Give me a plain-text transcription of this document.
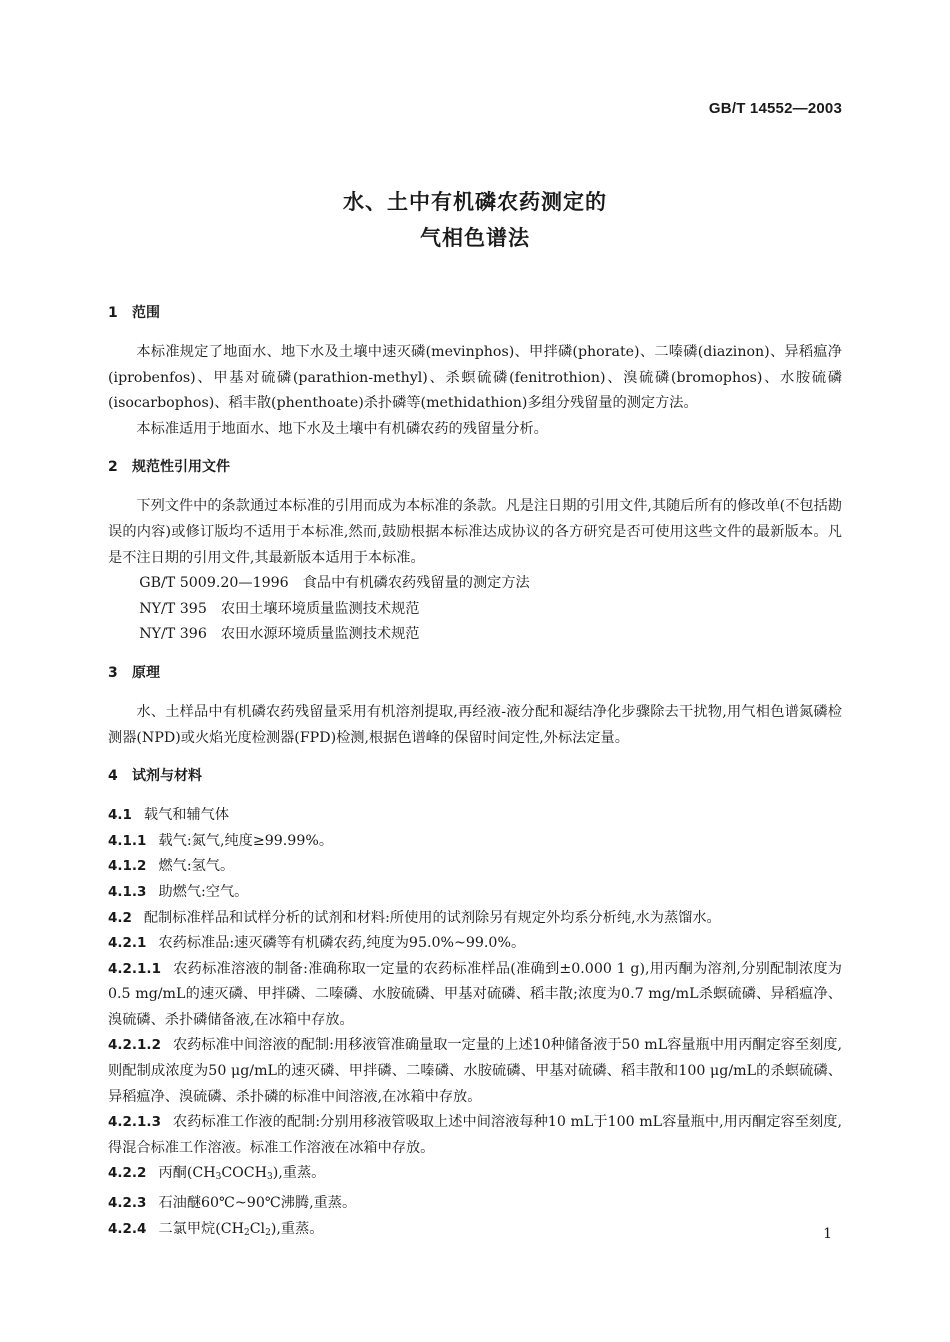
GB/T 14552—2003
水、土中有机磷农药测定的
气相色谱法
1 范围

本标准规定了地面水、地下水及土壤中速灭磷(mevinphos)、甲拌磷(phorate)、二嗪磷(diazinon)、异稻瘟净(iprobenfos)、甲基对硫磷(parathion-methyl)、杀螟硫磷(fenitrothion)、溴硫磷(bromophos)、水胺硫磷(isocarbophos)、稻丰散(phenthoate)杀扑磷等(methidathion)多组分残留量的测定方法。

本标准适用于地面水、地下水及土壤中有机磷农药的残留量分析。

2 规范性引用文件

下列文件中的条款通过本标准的引用而成为本标准的条款。凡是注日期的引用文件,其随后所有的修改单(不包括勘误的内容)或修订版均不适用于本标准,然而,鼓励根据本标准达成协议的各方研究是否可使用这些文件的最新版本。凡是不注日期的引用文件,其最新版本适用于本标准。

GB/T 5009.20—1996 食品中有机磷农药残留量的测定方法
NY/T 395 农田土壤环境质量监测技术规范
NY/T 396 农田水源环境质量监测技术规范
3 原理

水、土样品中有机磷农药残留量采用有机溶剂提取,再经液-液分配和凝结净化步骤除去干扰物,用气相色谱氮磷检测器(NPD)或火焰光度检测器(FPD)检测,根据色谱峰的保留时间定性,外标法定量。

4 试剂与材料

4.1 载气和辅气体

4.1.1 载气:氮气,纯度≥99.99%。

4.1.2 燃气:氢气。

4.1.3 助燃气:空气。

4.2 配制标准样品和试样分析的试剂和材料:所使用的试剂除另有规定外均系分析纯,水为蒸馏水。

4.2.1 农药标准品:速灭磷等有机磷农药,纯度为95.0%~99.0%。

4.2.1.1 农药标准溶液的制备:准确称取一定量的农药标准样品(准确到±0.000 1 g),用丙酮为溶剂,分别配制浓度为0.5 mg/mL的速灭磷、甲拌磷、二嗪磷、水胺硫磷、甲基对硫磷、稻丰散;浓度为0.7 mg/mL杀螟硫磷、异稻瘟净、溴硫磷、杀扑磷储备液,在冰箱中存放。

4.2.1.2 农药标准中间溶液的配制:用移液管准确量取一定量的上述10种储备液于50 mL容量瓶中用丙酮定容至刻度,则配制成浓度为50 μg/mL的速灭磷、甲拌磷、二嗪磷、水胺硫磷、甲基对硫磷、稻丰散和100 μg/mL的杀螟硫磷、异稻瘟净、溴硫磷、杀扑磷的标准中间溶液,在冰箱中存放。

4.2.1.3 农药标准工作液的配制:分别用移液管吸取上述中间溶液每种10 mL于100 mL容量瓶中,用丙酮定容至刻度,得混合标准工作溶液。标准工作溶液在冰箱中存放。

4.2.2 丙酮$(CH_3COCH_3)$,重蒸。

4.2.3 石油醚60℃~90℃沸腾,重蒸。

4.2.4 二氯甲烷$(CH_2Cl_2)$,重蒸。	1
